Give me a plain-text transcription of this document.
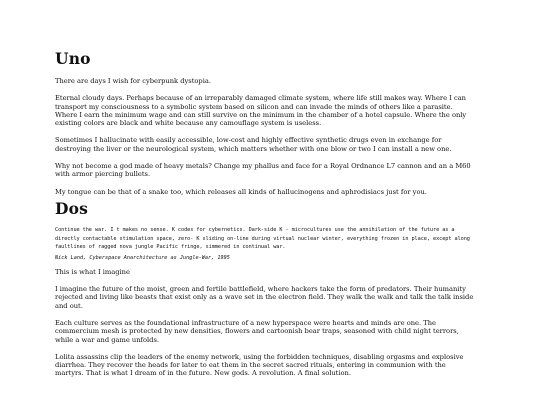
Uno

There are days I wish for cyberpunk dystopia.

Eternal cloudy days. Perhaps because of an irreparably damaged climate system, where life still makes way. Where I can transport my consciousness to a symbolic system based on silicon and can invade the minds of others like a parasite. Where I earn the minimum wage and can still survive on the minimum in the chamber of a hotel capsule. Where the only existing colors are black and white because any camouflage system is useless.

Sometimes I hallucinate with easily accessible, low-cost and highly effective synthetic drugs even in exchange for destroying the liver or the neurological system, which matters whether with one blow or two I can install a new one.

Why not become a god made of heavy metals? Change my phallus and face for a Royal Ordnance L7 cannon and an a M60 with armor piercing bullets.

My tongue can be that of a snake too, which releases all kinds of hallucinogens and aphrodisiacs just for you.

Dos

Continue the war. I t makes no sense. K codes for cybernetics. Dark-side K - microcultures use the annihilation of the future as a directly contactable stimulation space, zero- K sliding on-line during virtual nuclear winter, everything frozen in place, except along faultlines of ragged nova jungle Pacific fringe, simmered in continual war.

Nick Land, Cyberspace Anarchitecture as Jungle-War, 1995

This is what I imagine

I imagine the future of the moist, green and fertile battlefield, where hackers take the form of predators. Their humanity rejected and living like beasts that exist only as a wave set in the electron field. They walk the walk and talk the talk inside and out.

Each culture serves as the foundational infrastructure of a new hyperspace were hearts and minds are one. The commercium mesh is protected by new densities, flowers and cartoonish bear traps, seasoned with child night terrors, while a war and game unfolds.

Lolita assassins clip the leaders of the enemy network, using the forbidden techniques, disabling orgasms and explosive diarrhea. They recover the heads for later to eat them in the secret sacred rituals, entering in communion with the martyrs. That is what I dream of in the future. New gods. A revolution. A final solution.
